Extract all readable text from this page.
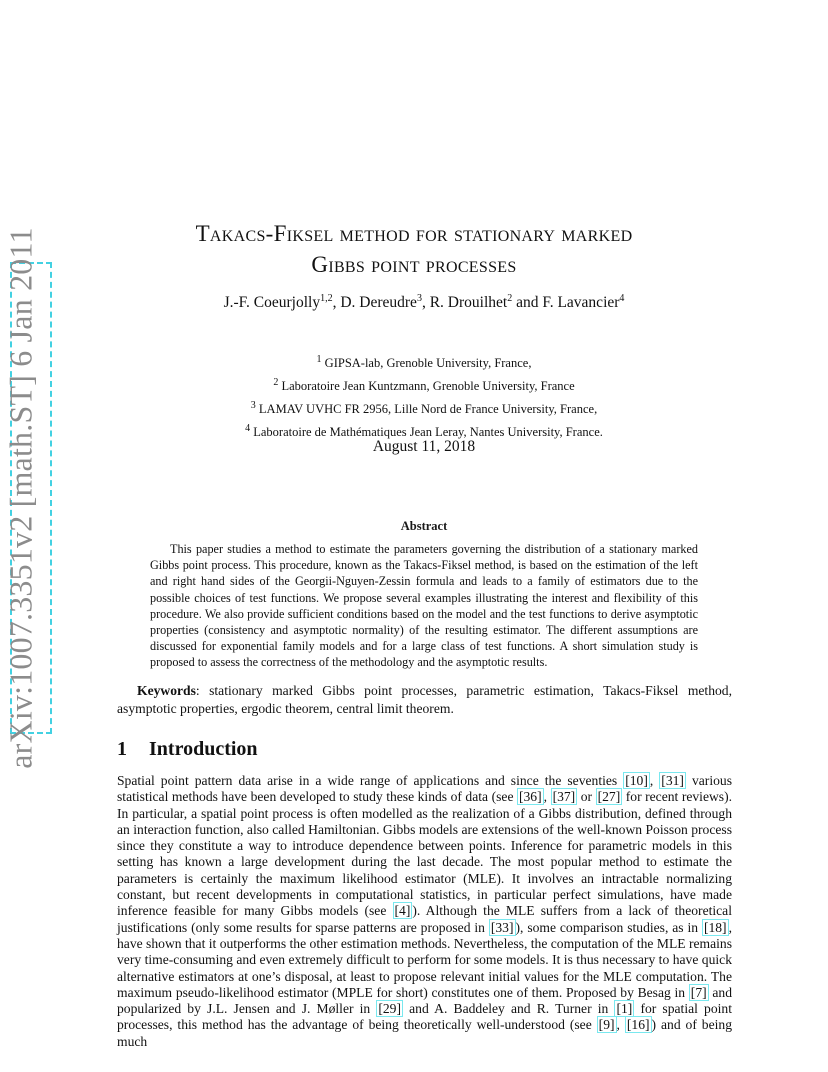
arXiv:1007.3351v2 [math.ST] 6 Jan 2011	Takacs-Fiksel method for stationary marked
Gibbs point processes
J.-F. Coeurjolly$^{1,2}$, D. Dereudre$^3$, R. Drouilhet$^2$ and F. Lavancier$^4$
$^1$ GIPSA-lab, Grenoble University, France,
$^2$ Laboratoire Jean Kuntzmann, Grenoble University, France
$^3$ LAMAV UVHC FR 2956, Lille Nord de France University, France,
$^4$ Laboratoire de Mathématiques Jean Leray, Nantes University, France.
August 11, 2018
Abstract
This paper studies a method to estimate the parameters governing the distribution of a stationary marked Gibbs point process. This procedure, known as the Takacs-Fiksel method, is based on the estimation of the left and right hand sides of the Georgii-Nguyen-Zessin formula and leads to a family of estimators due to the possible choices of test functions. We propose several examples illustrating the interest and flexibility of this procedure. We also provide sufficient conditions based on the model and the test functions to derive asymptotic properties (consistency and asymptotic normality) of the resulting estimator. The different assumptions are discussed for exponential family models and for a large class of test functions. A short simulation study is proposed to assess the correctness of the methodology and the asymptotic results.
Keywords: stationary marked Gibbs point processes, parametric estimation, Takacs-Fiksel method, asymptotic properties, ergodic theorem, central limit theorem.
1 Introduction
Spatial point pattern data arise in a wide range of applications and since the seventies [10] , [31] various statistical methods have been developed to study these kinds of data (see [36] , [37] or [27] for recent reviews). In particular, a spatial point process is often modelled as the realization of a Gibbs distribution, defined through an interaction function, also called Hamiltonian. Gibbs models are extensions of the well-known Poisson process since they constitute a way to introduce dependence between points. Inference for parametric models in this setting has known a large development during the last decade. The most popular method to estimate the parameters is certainly the maximum likelihood estimator (MLE). It involves an intractable normalizing constant, but recent developments in computational statistics, in particular perfect simulations, have made inference feasible for many Gibbs models (see [4] ). Although the MLE suffers from a lack of theoretical justifications (only some results for sparse patterns are proposed in [33] ), some comparison studies, as in [18] , have shown that it outperforms the other estimation methods. Nevertheless, the computation of the MLE remains very time-consuming and even extremely difficult to perform for some models. It is thus necessary to have quick alternative estimators at one’s disposal, at least to propose relevant initial values for the MLE computation. The maximum pseudo-likelihood estimator (MPLE for short) constitutes one of them. Proposed by Besag in [7] and popularized by J.L. Jensen and J. Møller in [29] and A. Baddeley and R. Turner in [1] for spatial point processes, this method has the advantage of being theoretically well-understood (see [9] , [16] ) and of being much
